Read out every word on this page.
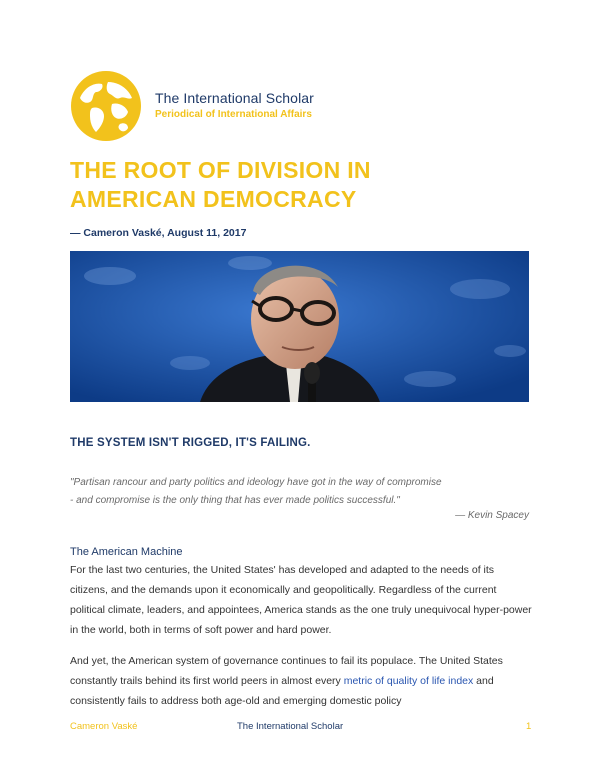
The International Scholar
Periodical of International Affairs
THE ROOT OF DIVISION IN
AMERICAN DEMOCRACY
— Cameron Vaské, August 11, 2017
THE SYSTEM ISN'T RIGGED, IT'S FAILING.
"Partisan rancour and party politics and ideology have got in the way of compromise
- and compromise is the only thing that has ever made politics successful."
— Kevin Spacey
The American Machine

For the last two centuries, the United States' has developed and adapted to the needs of its citizens, and the demands upon it economically and geopolitically. Regardless of the current political climate, leaders, and appointees, America stands as the one truly unequivocal hyper-power in the world, both in terms of soft power and hard power.

And yet, the American system of governance continues to fail its populace. The United States constantly trails behind its first world peers in almost every metric of quality of life index and consistently fails to address both age-old and emerging domestic policy

Cameron Vaské	The International Scholar	1
